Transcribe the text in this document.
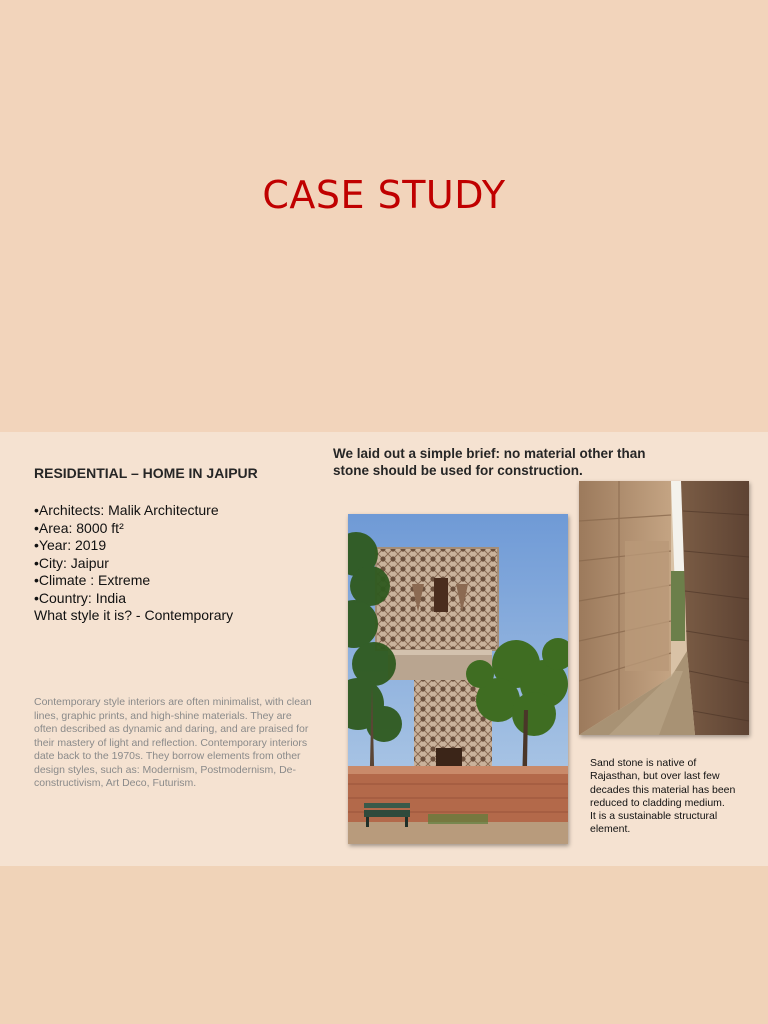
CASE STUDY
RESIDENTIAL – HOME IN JAIPUR
•Architects: Malik Architecture
•Area: 8000 ft²
•Year: 2019
•City: Jaipur
•Climate : Extreme
•Country: India
What style it is? - Contemporary
Contemporary style interiors are often minimalist, with clean lines, graphic prints, and high-shine materials. They are often described as dynamic and daring, and are praised for their mastery of light and reflection. Contemporary interiors date back to the 1970s. They borrow elements from other design styles, such as: Modernism, Postmodernism, De-constructivism, Art Deco, Futurism.
We laid out a simple brief: no material other than stone should be used for construction.
Sand stone is native of Rajasthan, but over last few decades this material has been reduced to cladding medium.
It is a sustainable structural element.
